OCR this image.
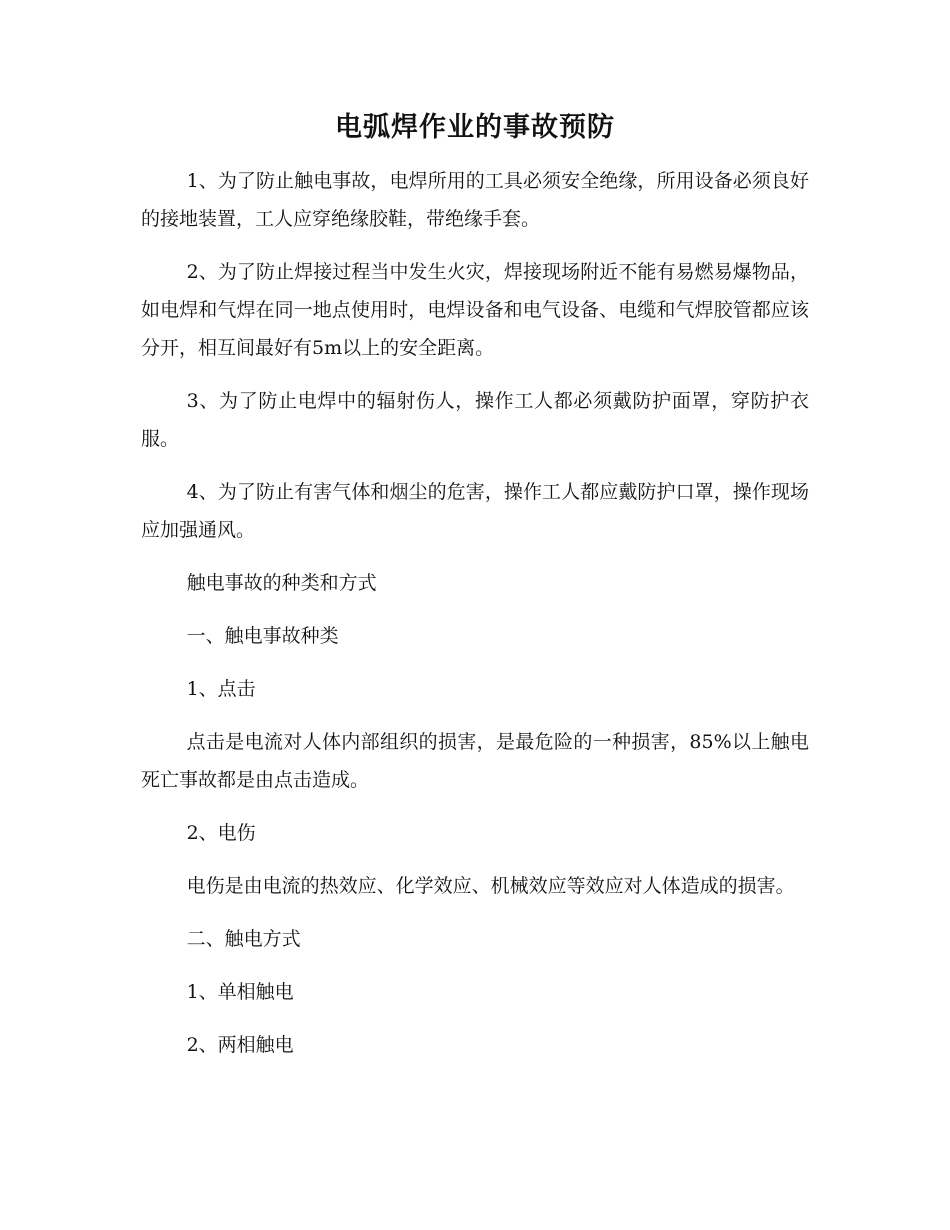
电弧焊作业的事故预防

1、为了防止触电事故，电焊所用的工具必须安全绝缘，所用设备必须良好的接地装置，工人应穿绝缘胶鞋，带绝缘手套。

2、为了防止焊接过程当中发生火灾，焊接现场附近不能有易燃易爆物品，如电焊和气焊在同一地点使用时，电焊设备和电气设备、电缆和气焊胶管都应该分开，相互间最好有5m以上的安全距离。

3、为了防止电焊中的辐射伤人，操作工人都必须戴防护面罩，穿防护衣服。

4、为了防止有害气体和烟尘的危害，操作工人都应戴防护口罩，操作现场应加强通风。

触电事故的种类和方式

一、触电事故种类

1、点击

点击是电流对人体内部组织的损害，是最危险的一种损害，85%以上触电死亡事故都是由点击造成。

2、电伤

电伤是由电流的热效应、化学效应、机械效应等效应对人体造成的损害。

二、触电方式

1、单相触电

2、两相触电
